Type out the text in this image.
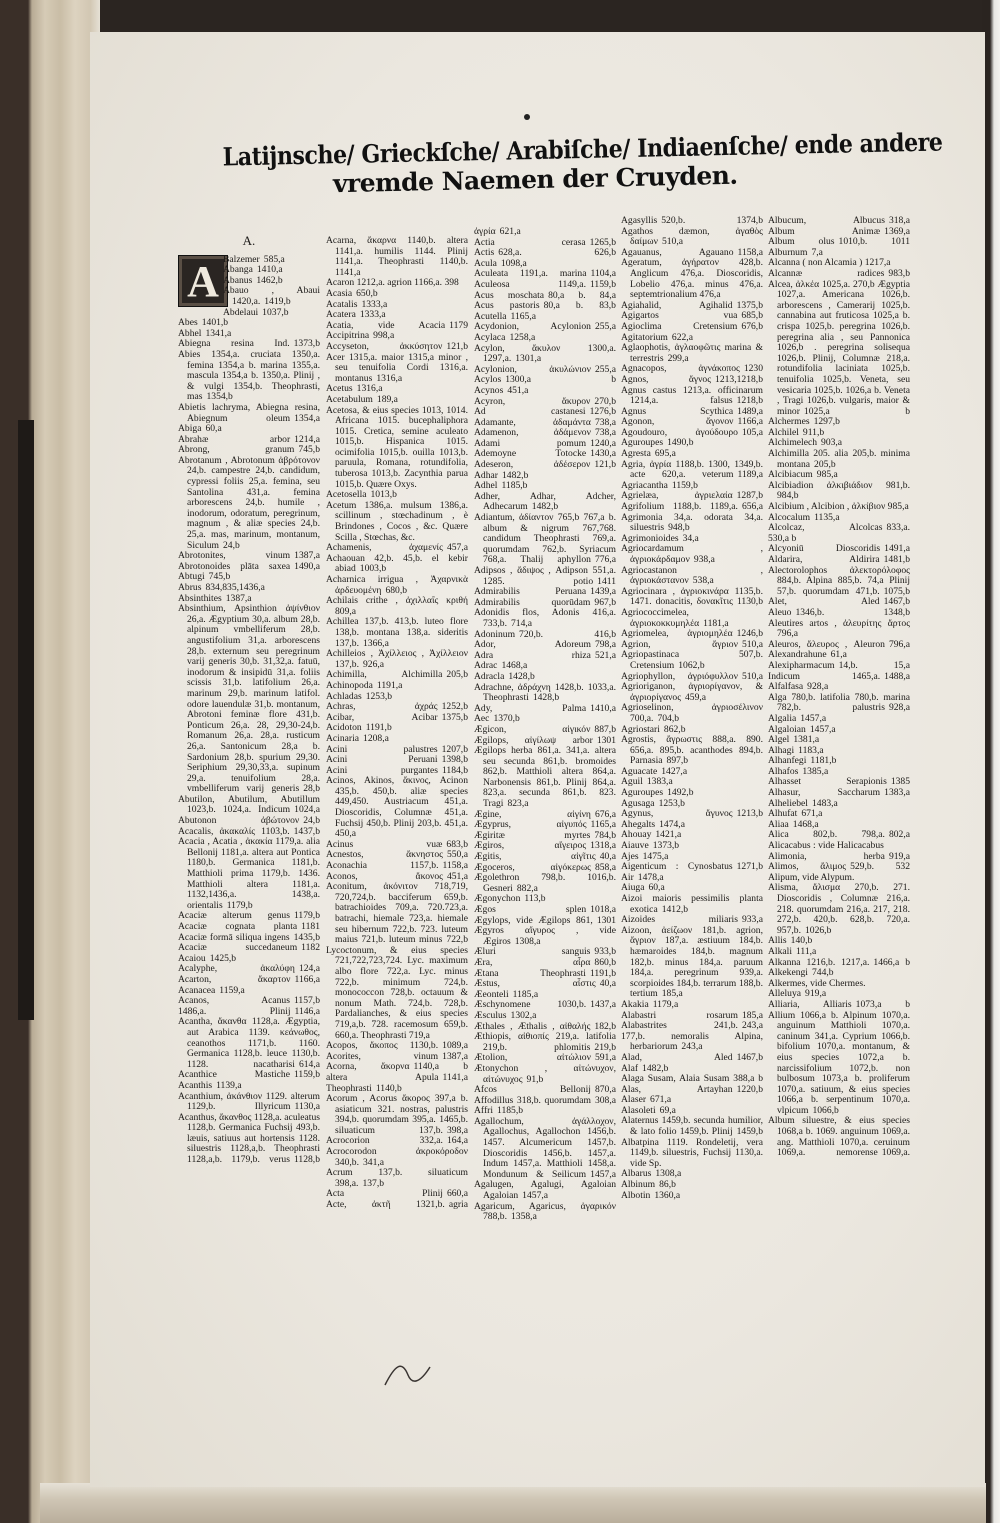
Latijnsche/ Grieckſche/ Arabiſche/ Indiaenſche/ ende andere
vremde Naemen der Cruyden.
A.
A Balzemer 585,a
Abanga 1410,a
Abanus 1462,b
Abauo , Abaui 1420,a. 1419,b
Abdelaui 1037,b
Abes 1401,b
Abhel 1341,a
Abiegna resina Ind. 1373,b
Abies 1354,a. cruciata 1350,a. femina 1354,a b. marina 1355,a. mascula 1354,a b. 1350,a. Plinij , & vulgi 1354,b. Theophrasti, mas 1354,b
Abietis lachryma, Abiegna resina, Abiegnum oleum 1354,a
Abiga 60,a
Abrahæ arbor 1214,a
Abrong, granum 745,b
Abrotanum , Abrotonum ἀβρότονον 24,b. campestre 24,b. candidum, cypressi foliis 25,a. femina, seu Santolina 431,a. femina arborescens 24,b. humile , inodorum, odoratum, peregrinum, magnum , & aliæ species 24,b. 25,a. mas, marinum, montanum, Siculum 24,b
Abrotonites, vinum 1387,a
Abrotonoides plāta saxea 1490,a
Abtugi 745,b
Abrus 834,835,1436,a
Absinthites 1387,a
Absinthium, Apsinthion ἀψίνθιον 26,a. Ægyptium 30,a. album 28,b. alpinum vmbelliferum 28,b. angustifolium 31,a. arborescens 28,b. externum seu peregrinum varij generis 30,b. 31,32,a. fatuū, inodorum & insipidū 31,a. foliis scissis 31,b. latifolium 26,a. marinum 29,b. marinum latifol. odore lauendulæ 31,b. montanum, Abrotoni feminæ flore 431,b. Ponticum 26,a. 28, 29,30-24,b. Romanum 26,a. 28,a. rusticum 26,a. Santonicum 28,a b. Sardonium 28,b. spurium 29,30. Seriphium 29,30,33,a. supinum 29,a. tenuifolium 28,a. vmbelliferum varij generis 28,b
Abutilon, Abutilum, Abutillum 1023,b. 1024,a. Indicum 1024,a
Abutonon ἀβώτονον 24,b
Acacalis, ἀκακαλίς 1103,b. 1437,b
Acacia , Acatia , ἀκακία 1179,a. alia Bellonij 1181,a. altera aut Pontica 1180,b. Germanica 1181,b. Matthioli prima 1179,b. 1436. Matthioli altera 1181,a. 1132,1436,a. 1438,a. orientalis 1179,b
Acaciæ alterum genus 1179,b
Acaciæ cognata planta 1181
Acaciæ formā siliqua ingens 1435,b
Acaciæ succedaneum 1182
Acaiou 1425,b
Acalyphe, ἀκαλύφη 124,a
Acarton, ἄκαρτον 1166,a
Acanacea 1159,a
Acanos, Acanus 1157,b
1486,a. Plinij 1146,a
Acantha, ἄκανθα 1128,a. Ægyptia, aut Arabica 1139. κεάνωθος, ceanothos 1171,b. 1160. Germanica 1128,b. leuce 1130,b. 1128. nacatharisi 614,a
Acanthice Mastiche 1159,b
Acanthis 1139,a
Acanthium, ἀκάνθιον 1129. alterum 1129,b. Illyricum 1130,a
Acanthus, ἄκανθος 1128,a. aculeatus 1128,b. Germanica Fuchsij 493,b. læuis, satiuus aut hortensis 1128. siluestris 1128,a,b. Theophrasti 1128,a,b. 1179,b. verus 1128,b
Acarna, ἄκαρνα 1140,b. altera 1141,a. humilis 1144. Plinij 1141,a. Theophrasti 1140,b. 1141,a
Acaron 1212,a. agrion 1166,a. 398
Acasia 650,b
Acatalis 1333,a
Acatera 1333,a
Acatia, vide Acacia 1179
Accipitrina 998,a
Accyseton, ἀκκύσητον 121,b
Acer 1315,a. maior 1315,a minor , seu tenuifolia Cordi 1316,a. montanus 1316,a
Acetus 1316,a
Acetabulum 189,a
Acetosa, & eius species 1013, 1014. Africana 1015. bucephaliphora 1015. Cretica, semine aculeato 1015,b. Hispanica 1015. ocimifolia 1015,b. ouilla 1013,b. paruula, Romana, rotundifolia, tuberosa 1013,b. Zacynthia parua 1015,b. Quære Oxys.
Acetosella 1013,b
Acetum 1386,a. mulsum 1386,a. scillinum , stœchadinum , è Brindones , Cocos , &c. Quære Scilla , Stœchas, &c.
Achamenis, ἀχαμενίς 457,a
Achaouan 42,b. 45,b. el kebir abiad 1003,b
Acharnica irrigua , Ἀχαρνικὰ ἀρδευομένη 680,b
Achilais crithe , ἀχιλλαΐς κριθή 809,a
Achillea 137,b. 413,b. luteo flore 138,b. montana 138,a. sideritis 137,b. 1366,a
Achilleios , Ἀχίλλειος , Ἀχίλλειον 137,b. 926,a
Achimilla, Alchimilla 205,b
Achinopoda 1191,a
Achladas 1253,b
Achras, ἀχράς 1252,b
Acibar, Acibar 1375,b
Acidoton 1191,b
Acinaria 1208,a
Acini palustres 1207,b
Acini Peruani 1398,b
Acini purgantes 1184,b
Acinos, Akinos, ἄκινος, Acinon 435,b. 450,b. aliæ species 449,450. Austriacum 451,a. Dioscoridis, Columnæ 451,a. Fuchsij 450,b. Plinij 203,b. 451,a. 450,a
Acinus vuæ 683,b
Acnestos, ἄκνηστος 550,a
Aconachia 1157,b. 1158,a
Aconos, ἄκονος 451,a
Aconitum, ἀκόνιτον 718,719, 720,724,b. bacciferum 659,b. batrachioides 709,a. 720.723,a. batrachi, hiemale 723,a. hiemale seu hibernum 722,b. 723. luteum maius 721,b. luteum minus 722,b
Lycoctonum, & eius species 721,722,723,724. Lyc. maximum albo flore 722,a. Lyc. minus 722,b. minimum 724,b. monococcon 728,b. octauum & nonum Math. 724,b. 728,b. Pardalianches, & eius species 719,a,b. 728. racemosum 659,b. 660,a. Theophrasti 719,a
Acopos, ἄκοπος 1130,b. 1089,a
Acorites, vinum 1387,a
Acorna, ἄκορνα 1140,a b
altera Apula 1141,a
Theophrasti 1140,b
Acorum , Acorus ἄκορος 397,a b. asiaticum 321. nostras, palustris 394,b. quorumdam 395,a. 1465,b. siluaticum 137,b. 398,a
Acrocorion 332,a. 164,a
Acrocorodon ἀκροκόροδον 340,b. 341,a
Acrum 137,b. siluaticum 398,a. 137,b
Acta Plinij 660,a
Acte, ἀκτῆ 1321,b. agria
ἀγρία 621,a
Actia cerasa 1265,b
Actis 628,a. 626,b
Acula 1098,a
Aculeata 1191,a. marina 1104,a
Aculeosa 1149,a. 1159,b
Acus moschata 80,a b. 84,a
Acus pastoris 80,a b. 83,b
Acutella 1165,a
Acydonion, Acylonion 255,a
Acylaca 1258,a
Acylon, ἄκυλον 1300,a. 1297,a. 1301,a
Acylonion, ἀκυλώνιον 255,a
Acylos 1300,a b
Acynos 451,a
Acyron, ἄκυρον 270,b
Ad castanesi 1276,b
Adamante, ἀδαμάντα 738,a
Adamenon, ἀδάμενον 738,a
Adami pomum 1240,a
Ademoyne Totocke 1430,a
Adeseron, ἀδέσερον 121,b
Adhar 1482,b
Adhel 1185,b
Adher, Adhar, Adcher, Adhecarum 1482,b
Adiantum, ἀδίαντον 765,b 767,a b. album & nigrum 767,768. candidum Theophrasti 769,a. quorumdam 762,b. Syriacum 768,a. Thalij aphyllon 776,a
Adipsos , ἄδιψος , Adipson 551,a. 1285. potio 1411
Admirabilis Peruana 1439,a
Admirabilis quorūdam 967,b
Adonidis flos, Adonis 416,a. 733,b. 714,a
Adoninum 720,b. 416,b
Ador, Adoreum 798,a
Adra rhiza 521,a
Adrac 1468,a
Adracla 1428,b
Adrachne, ἀδράχνη 1428,b. 1033,a. Theophrasti 1428,b
Ady, Palma 1410,a
Aec 1370,b
Ægicon, αἰγικόν 887,b
Ægilops, αἰγίλωψ arbor 1301
Ægilops herba 861,a. 341,a. altera seu secunda 861,b. bromoides 862,b. Matthioli altera 864,a. Narbonensis 861,b. Plinij 864,a. 823,a. secunda 861,b. 823. Tragi 823,a
Ægine, αἰγίνη 676,a
Ægyprus, αἰγυπός 1165,a
Ægiritæ myrtes 784,b
Ægiros, αἴγειρος 1318,a
Ægitis, αἰγῖτις 40,a
Ægoceros, αἰγόκερως 858,a
Ægolethron 798,b. 1016,b. Gesneri 882,a
Ægonychon 113,b
Ægos splen 1018,a
Ægylops, vide Ægilops 861, 1301
Ægyros αἴγυρος , vide Ægiros 1308,a
Æluri sanguis 933,b
Æra, αἶρα 860,b
Ætana Theophrasti 1191,b
Æstus, αἶστις 40,a
Æeonteli 1185,a
Æschynomene 1030,b. 1437,a
Æsculus 1302,a
Æthales , Æthalis , αἰθαλής 182,b
Æthiopis, αἰθιοπίς 219,a. latifolia 219,b. phlomitis 219,b
Ætolion, αἰτώλιον 591,a
Ætonychon , αἰτώνυχον, αἰτώνυχος 91,b
Afcos Bellonij 870,a
Affodillus 318,b. quorumdam 308,a
Affri 1185,b
Agallochum, ἀγάλλοχον, Agallochus, Agallochon 1456,b. 1457. Alcumericum 1457,b. Dioscoridis 1456,b. 1457,a. Indum 1457,a. Matthioli 1458,a. Mondunum & Seilicum 1457,a
Agalugen, Agalugi, Agaloian Agaloian 1457,a
Agaricum, Agaricus, ἀγαρικόν 788,b. 1358,a
Agasyllis 520,b. 1374,b
Agathos dæmon, ἀγαθὸς δαίμων 510,a
Agauanus, Agauano 1158,a
Ageratum, ἀγήρατον 428,b. Anglicum 476,a. Dioscoridis, Lobelio 476,a. minus 476,a. septemtrionalium 476,a
Agiahalid, Agihalid 1375,b
Agigartos vua 685,b
Agioclima Cretensium 676,b
Agitatorium 622,a
Aglaophotis, ἀγλαοφῶτις marina & terrestris 299,a
Agnacopos, ἀγνάκοπος 1230
Agnos, ἄγνος 1213,1218,b
Agnus castus 1213,a. officinarum 1214,a. falsus 1218,b
Agnus Scythica 1489,a
Agonon, ἄγονον 1166,a
Agoudouro, ἀγούδουρο 105,a
Aguroupes 1490,b
Agresta 695,a
Agria, ἀγρία 1188,b. 1300, 1349,b. acte 620,a. veterum 1189,a
Agriacantha 1159,b
Agrielæa, ἀγριελαία 1287,b
Agrifolium 1188,b. 1189,a. 656,a
Agrimonia 34,a. odorata 34,a. siluestris 948,b
Agrimonioides 34,a
Agriocardamum , ἀγριοκάρδαμον 938,a
Agriocastanon , ἀγριοκάστανον 538,a
Agriocinara , ἀγριοκινάρα 1135,b. 1471. donacitis, δονακῖτις 1130,b
Agriococcimelea, ἀγριοκοκκυμηλέα 1181,a
Agriomelea, ἀγριομηλέα 1246,b
Agrion, ἄγριον 510,a
Agriopastinaca 507,b. Cretensium 1062,b
Agriophyllon, ἀγριόφυλλον 510,a
Agrioriganon, ἀγριορίγανον, & ἀγριορίγανος 459,a
Agrioselinon, ἀγριοσέλινον 700,a. 704,b
Agriostari 862,b
Agrostis, ἄγρωστις 888,a. 890. 656,a. 895,b. acanthodes 894,b. Parnasia 897,b
Aguacate 1427,a
Aguil 1383,a
Aguroupes 1492,b
Agusaga 1253,b
Agynus, ἄγυνος 1213,b
Ahegalts 1474,a
Ahouay 1421,a
Aiauve 1373,b
Ajes 1475,a
Aigenticum : Cynosbatus 1271,b
Air 1478,a
Aiuga 60,a
Aizoi maioris pessimilis planta exotica 1412,b
Aizoides miliaris 933,a
Aizoon, ἀείζωον 181,b. agrion, ἄγριον 187,a. æstiuum 184,b. hæmaroides 184,b. magnum 182,b. minus 184,a. paruum 184,a. peregrinum 939,a. scorpioides 184,b. terrarum 188,b. tertium 185,a
Akakia 1179,a
Alabastri rosarum 185,a
Alabastrites 241,b. 243,a
177,b. nemoralis Alpina, herbariorum 243,a
Alad, Aled 1467,b
Alaf 1482,b
Alaga Susam, Alaia Susam 388,a b
Alas, Artayhan 1220,b
Alaser 671,a
Alasoleti 69,a
Alaternus 1459,b. secunda humilior, & lato folio 1459,b. Plinij 1459,b
Albatpina 1119. Rondeletij, vera 1149,b. siluestris, Fuchsij 1130,a. vide Sp.
Albarus 1308,a
Albinum 86,b
Albotin 1360,a
Albucum, Albucus 318,a
Album Animæ 1369,a
Album olus 1010,b. 1011
Alburnum 7,a
Alcanna ( non Alcamia ) 1217,a
Alcannæ radices 983,b
Alcea, ἀλκέα 1025,a. 270,b Ægyptia 1027,a. Americana 1026,b. arborescens , Camerarij 1025,b. cannabina aut fruticosa 1025,a b. crispa 1025,b. peregrina 1026,b. peregrina alia , seu Pannonica 1026,b . peregrina solisequa 1026,b. Plinij, Columnæ 218,a. rotundifolia laciniata 1025,b. tenuifolia 1025,b. Veneta, seu vesicaria 1025,b. 1026,a b. Veneta , Tragi 1026,b. vulgaris, maior & minor 1025,a b
Alchermes 1297,b
Alchilel 911,b
Alchimelech 903,a
Alchimilla 205. alia 205,b. minima montana 205,b
Alcibiacum 985,a
Alcibiadion ἀλκιβιάδιον 981,b. 984,b
Alcibium , Alcibion , ἀλκίβιον 985,a
Alcocalum 1135,a
Alcolcaz, Alcolcas 833,a.
530,a b
Alcyoniū Dioscoridis 1491,a
Aldarira, Aldirira 1481,b
Alectorolophos ἀλεκτορόλοφος 884,b. Alpina 885,b. 74,a Plinij 57,b. quorumdam 471,b. 1075,b
Alet, Aled 1467,b
Aleuo 1346,b. 1348,b
Aleutires artos , ἀλευρίτης ἄρτος 796,a
Aleuros, ἄλευρος , Aleuron 796,a
Alexandrahune 61,a
Alexipharmacum 14,b. 15,a
Indicum 1465,a. 1488,a
Alfalfasa 928,a
Alga 780,b. latifolia 780,b. marina 782,b. palustris 928,a
Algalia 1457,a
Algaloian 1457,a
Algel 1381,a
Alhagi 1183,a
Alhanfegi 1181,b
Alhafos 1385,a
Alhasset Serapionis 1385
Alhasur, Saccharum 1383,a
Alheliebel 1483,a
Alhufat 671,a
Aliaa 1468,a
Alica 802,b. 798,a. 802,a
Alicacabus : vide Halicacabus
Alimonia, herba 919,a
Alimos, ἄλιμος 529,b. 532
Alipum, vide Alypum.
Alisma, ἄλισμα 270,b. 271. Dioscoridis , Columnæ 216,a. 218. quorumdam 216,a. 217, 218. 272,b. 420,b. 628,b. 720,a. 957,b. 1026,b
Allis 140,b
Alkali 111,a
Alkanna 1216,b. 1217,a. 1466,a b
Alkekengi 744,b
Alkermes, vide Chermes.
Alleluya 919,a
Alliaria, Alliaris 1073,a b
Allium 1066,a b. Alpinum 1070,a. anguinum Matthioli 1070,a. caninum 341,a. Cyprium 1066,b. bifolium 1070,a. montanum, & eius species 1072,a b. narcissifolium 1072,b. non bulbosum 1073,a b. proliferum 1070,a. satiuum, & eius species 1066,a b. serpentinum 1070,a. vlpicum 1066,b
Album siluestre, & eius species 1068,a b. 1069. anguinum 1069,a. ang. Matthioli 1070,a. ceruinum 1069,a. nemorense 1069,a.
